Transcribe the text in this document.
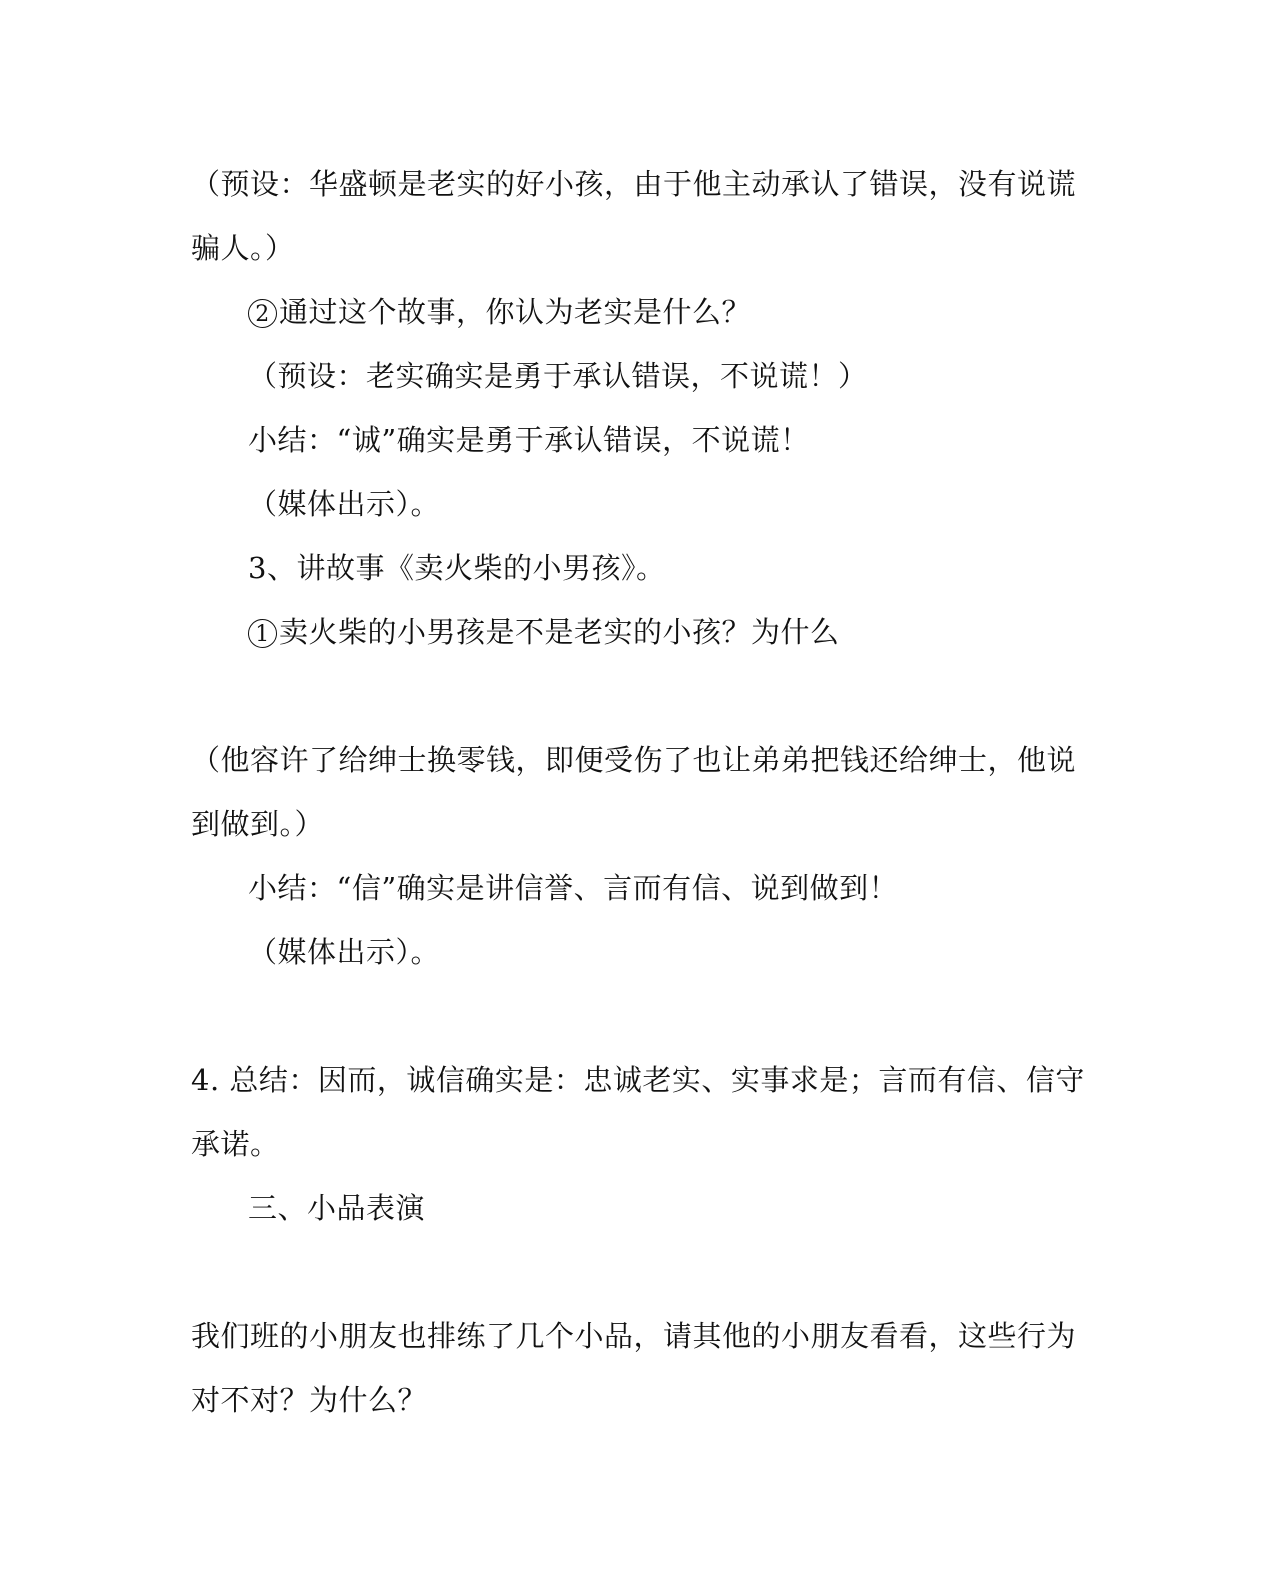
（预设：华盛顿是老实的好小孩，由于他主动承认了错误，没有说谎
骗人。）
2 通过这个故事，你认为老实是什么？
（预设：老实确实是勇于承认错误，不说谎！）
小结：“诚”确实是勇于承认错误，不说谎！
（媒体出示）。
3、讲故事《卖火柴的小男孩》。
1 卖火柴的小男孩是不是老实的小孩？为什么
（他容许了给绅士换零钱，即便受伤了也让弟弟把钱还给绅士，他说
到做到。）
小结：“信”确实是讲信誉、言而有信、说到做到！
（媒体出示）。
4. 总结：因而，诚信确实是：忠诚老实、实事求是；言而有信、信守
承诺。
三、小品表演
我们班的小朋友也排练了几个小品，请其他的小朋友看看，这些行为
对不对？为什么？
